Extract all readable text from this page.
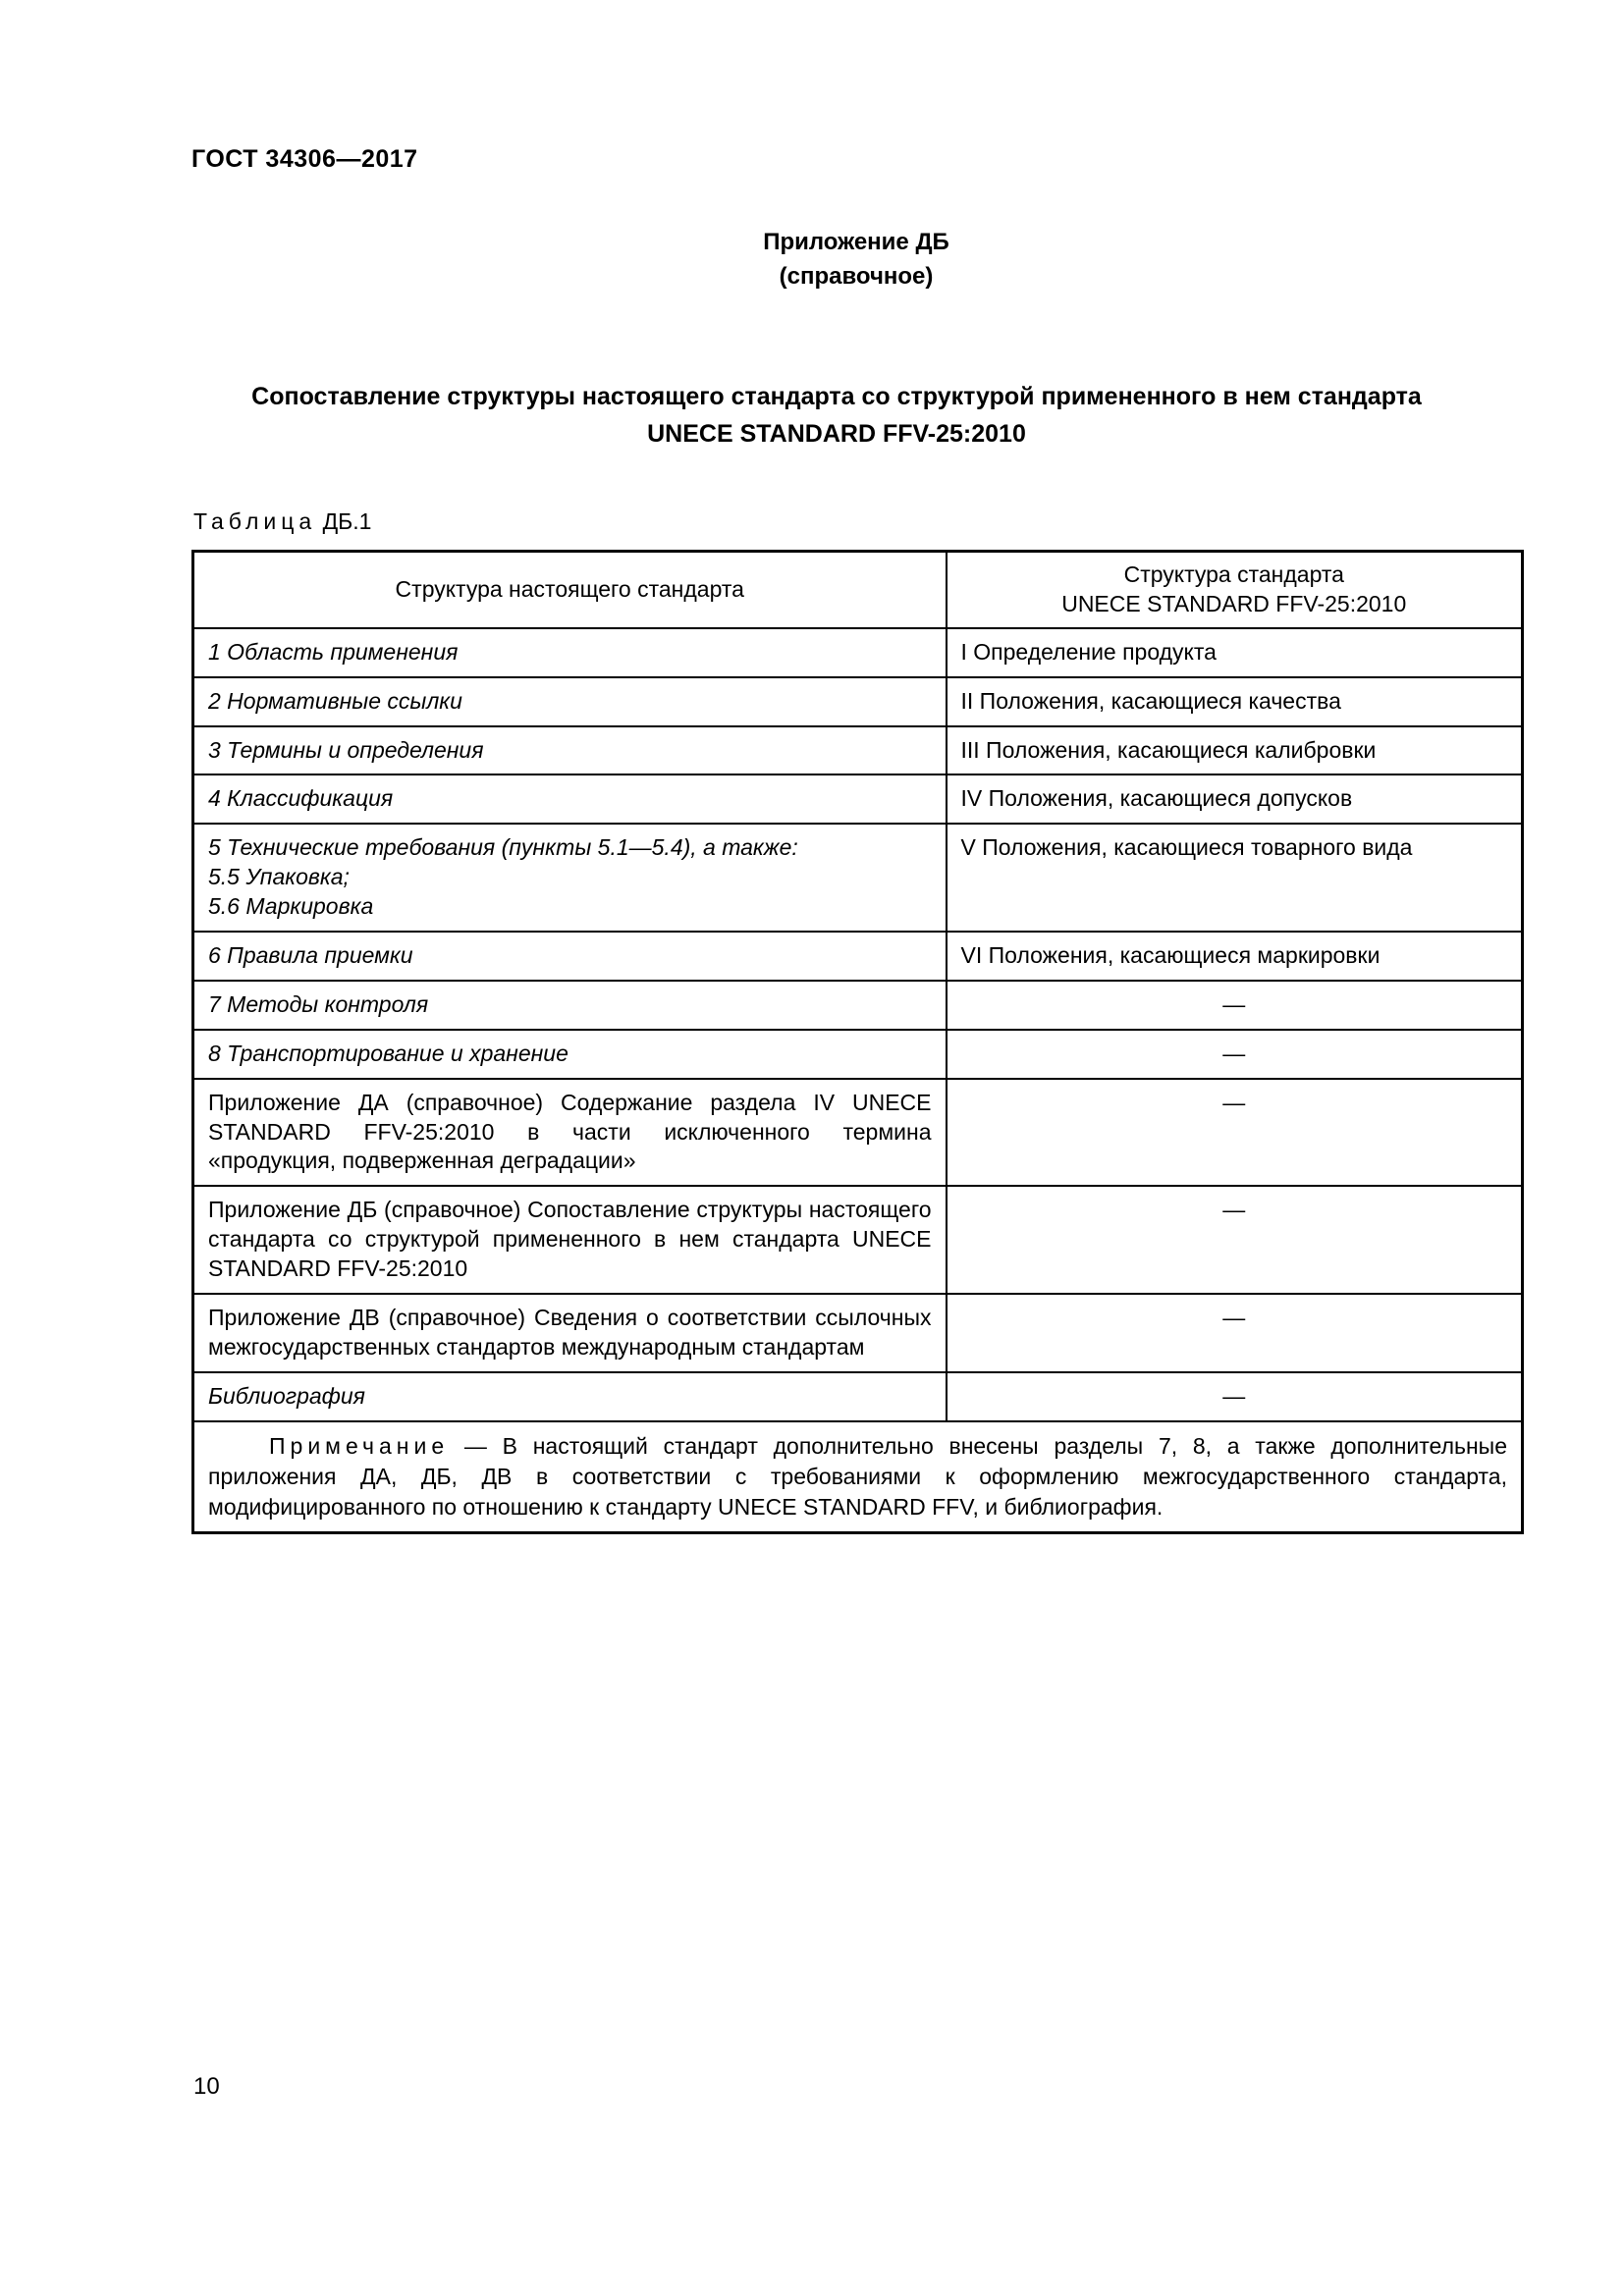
ГОСТ 34306—2017
Приложение ДБ
(справочное)
Сопоставление структуры настоящего стандарта со структурой примененного в нем стандарта
UNECE STANDARD FFV-25:2010
Таблица ДБ.1
Структура настоящего стандарта	Структура стандарта
UNECE STANDARD FFV-25:2010

1 Область применения	I Определение продукта
2 Нормативные ссылки	II Положения, касающиеся качества
3 Термины и определения	III Положения, касающиеся калибровки
4 Классификация	IV Положения, касающиеся допусков

5 Технические требования (пункты 5.1—5.4), а также:
5.5 Упаковка;
5.6 Маркировка	V Положения, касающиеся товарного вида
6 Правила приемки	VI Положения, касающиеся маркировки
7 Методы контроля	—
8 Транспортирование и хранение	—
Приложение ДА (справочное) Содержание раздела IV UNECE STANDARD FFV-25:2010 в части исключенного термина «продукция, подверженная деградации»	—
Приложение ДБ (справочное) Сопоставление структуры настоящего стандарта со структурой примененного в нем стандарта UNECE STANDARD FFV-25:2010	—
Приложение ДВ (справочное) Сведения о соответствии ссылочных межгосударственных стандартов международным стандартам	—
Библиография	—

Примечание — В настоящий стандарт дополнительно внесены разделы 7, 8, а также дополнительные приложения ДА, ДБ, ДВ в соответствии с требованиями к оформлению межгосударственного стандарта, модифицированного по отношению к стандарту UNECE STANDARD FFV, и библиография.	

10
